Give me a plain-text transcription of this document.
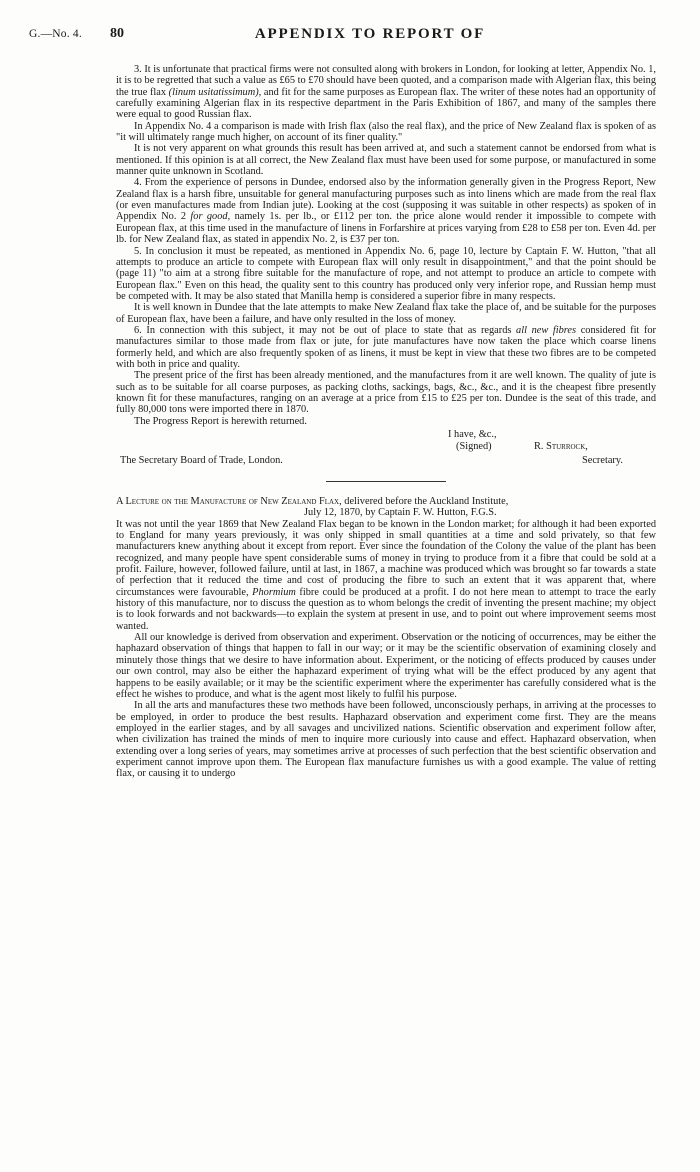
G.—No. 4. 80	APPENDIX TO REPORT OF

3. It is unfortunate that practical firms were not consulted along with brokers in London, for looking at letter, Appendix No. 1, it is to be regretted that such a value as £65 to £70 should have been quoted, and a comparison made with Algerian flax, this being the true flax (linum usitatissimum), and fit for the same purposes as European flax. The writer of these notes had an opportunity of carefully examining Algerian flax in its respective department in the Paris Exhibition of 1867, and many of the samples there were equal to good Russian flax.

In Appendix No. 4 a comparison is made with Irish flax (also the real flax), and the price of New Zealand flax is spoken of as "it will ultimately range much higher, on account of its finer quality."

It is not very apparent on what grounds this result has been arrived at, and such a statement cannot be endorsed from what is mentioned. If this opinion is at all correct, the New Zealand flax must have been used for some purpose, or manufactured in some manner quite unknown in Scotland.

4. From the experience of persons in Dundee, endorsed also by the information generally given in the Progress Report, New Zealand flax is a harsh fibre, unsuitable for general manufacturing purposes such as into linens which are made from the real flax (or even manufactures made from Indian jute). Looking at the cost (supposing it was suitable in other respects) as spoken of in Appendix No. 2 for good, namely 1s. per lb., or £112 per ton. the price alone would render it impossible to compete with European flax, at this time used in the manufacture of linens in Forfarshire at prices varying from £28 to £58 per ton. Even 4d. per lb. for New Zealand flax, as stated in appendix No. 2, is £37 per ton.

5. In conclusion it must be repeated, as mentioned in Appendix No. 6, page 10, lecture by Captain F. W. Hutton, "that all attempts to produce an article to compete with European flax will only result in disappointment," and that the point should be (page 11) "to aim at a strong fibre suitable for the manufacture of rope, and not attempt to produce an article to compete with European flax." Even on this head, the quality sent to this country has produced only very inferior rope, and Russian hemp must be competed with. It may be also stated that Manilla hemp is considered a superior fibre in many respects.

It is well known in Dundee that the late attempts to make New Zealand flax take the place of, and be suitable for the purposes of European flax, have been a failure, and have only resulted in the loss of money.

6. In connection with this subject, it may not be out of place to state that as regards all new fibres considered fit for manufactures similar to those made from flax or jute, for jute manufactures have now taken the place which coarse linens formerly held, and which are also frequently spoken of as linens, it must be kept in view that these two fibres are to be competed with both in price and quality.

The present price of the first has been already mentioned, and the manufactures from it are well known. The quality of jute is such as to be suitable for all coarse purposes, as packing cloths, sackings, bags, &c., &c., and it is the cheapest fibre presently known fit for these manufactures, ranging on an average at a price from £15 to £25 per ton. Dundee is the seat of this trade, and fully 80,000 tons were imported there in 1870.

The Progress Report is herewith returned.

I have, &c.,
(Signed)	R. Sturrock,
The Secretary Board of Trade, London.	Secretary.

A Lecture on the Manufacture of New Zealand Flax, delivered before the Auckland Institute,

July 12, 1870, by Captain F. W. Hutton, F.G.S.

It was not until the year 1869 that New Zealand Flax began to be known in the London market; for although it had been exported to England for many years previously, it was only shipped in small quantities at a time and sold privately, so that few manufacturers knew anything about it except from report. Ever since the foundation of the Colony the value of the plant has been recognized, and many people have spent considerable sums of money in trying to produce from it a fibre that could be sold at a profit. Failure, however, followed failure, until at last, in 1867, a machine was produced which was brought so far towards a state of perfection that it reduced the time and cost of producing the fibre to such an extent that it was apparent that, where circumstances were favourable, Phormium fibre could be produced at a profit. I do not here mean to attempt to trace the early history of this manufacture, nor to discuss the question as to whom belongs the credit of inventing the present machine; my object is to look forwards and not backwards—to explain the system at present in use, and to point out where improvement seems most wanted.

All our knowledge is derived from observation and experiment. Observation or the noticing of occurrences, may be either the haphazard observation of things that happen to fall in our way; or it may be the scientific observation of examining closely and minutely those things that we desire to have information about. Experiment, or the noticing of effects produced by causes under our own control, may also be either the haphazard experiment of trying what will be the effect produced by any agent that happens to be easily available; or it may be the scientific experiment where the experimenter has carefully considered what is the effect he wishes to produce, and what is the agent most likely to fulfil his purpose.

In all the arts and manufactures these two methods have been followed, unconsciously perhaps, in arriving at the processes to be employed, in order to produce the best results. Haphazard observation and experiment come first. They are the means employed in the earlier stages, and by all savages and uncivilized nations. Scientific observation and experiment follow after, when civilization has trained the minds of men to inquire more curiously into cause and effect. Haphazard observation, when extending over a long series of years, may sometimes arrive at processes of such perfection that the best scientific observation and experiment cannot improve upon them. The European flax manufacture furnishes us with a good example. The value of retting flax, or causing it to undergo
